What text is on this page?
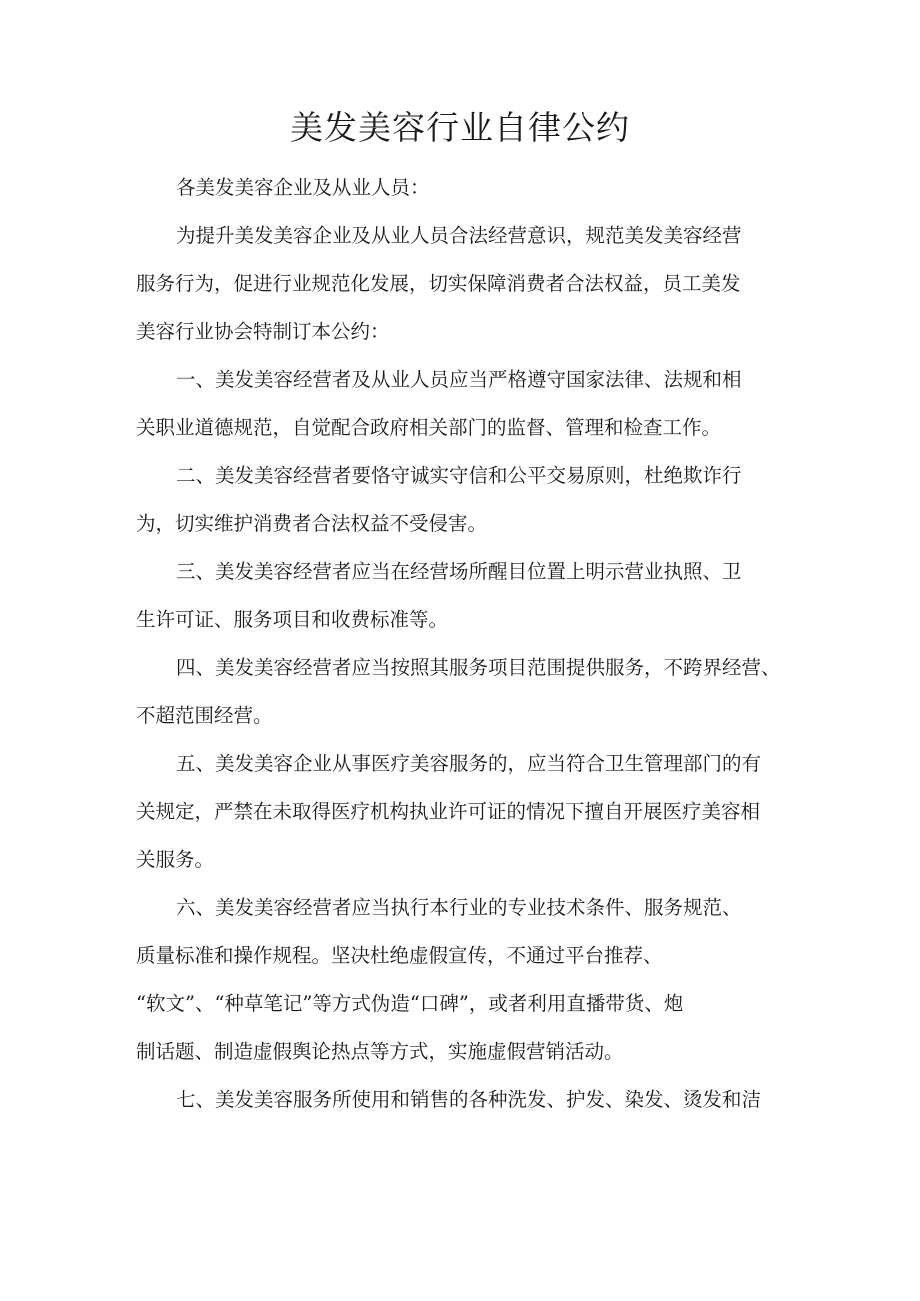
美发美容行业自律公约
各美发美容企业及从业人员：
为提升美发美容企业及从业人员合法经营意识，规范美发美容经营
服务行为，促进行业规范化发展，切实保障消费者合法权益，员工美发
美容行业协会特制订本公约：
一、美发美容经营者及从业人员应当严格遵守国家法律、法规和相
关职业道德规范，自觉配合政府相关部门的监督、管理和检查工作。
二、美发美容经营者要恪守诚实守信和公平交易原则，杜绝欺诈行
为，切实维护消费者合法权益不受侵害。
三、美发美容经营者应当在经营场所醒目位置上明示营业执照、卫
生许可证、服务项目和收费标准等。
四、美发美容经营者应当按照其服务项目范围提供服务，不跨界经营、
不超范围经营。
五、美发美容企业从事医疗美容服务的，应当符合卫生管理部门的有
关规定，严禁在未取得医疗机构执业许可证的情况下擅自开展医疗美容相
关服务。
六、美发美容经营者应当执行本行业的专业技术条件、服务规范、
质量标准和操作规程。坚决杜绝虚假宣传，不通过平台推荐、
“软文”、“种草笔记”等方式伪造“口碑”，或者利用直播带货、炮
制话题、制造虚假舆论热点等方式，实施虚假营销活动。
七、美发美容服务所使用和销售的各种洗发、护发、染发、烫发和洁
